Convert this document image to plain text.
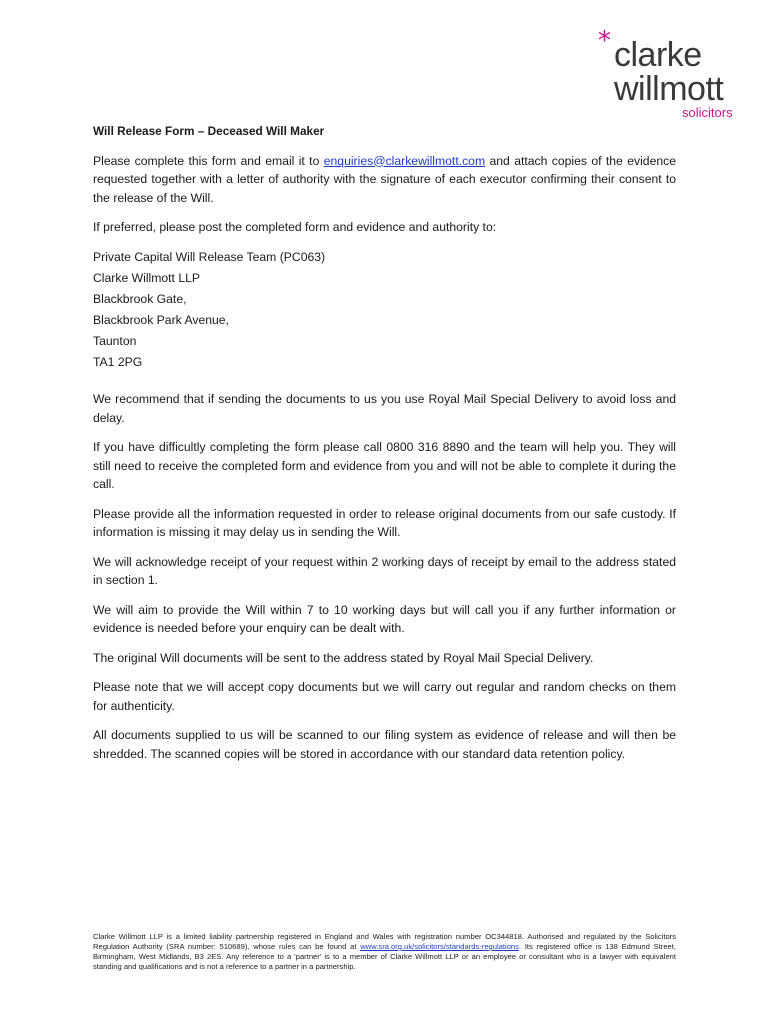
* clarke
willmott
solicitors

Will Release Form – Deceased Will Maker

Please complete this form and email it to enquiries@clarkewillmott.com and attach copies of the evidence requested together with a letter of authority with the signature of each executor confirming their consent to the release of the Will.

If preferred, please post the completed form and evidence and authority to:

Private Capital Will Release Team (PC063)

Clarke Willmott LLP

Blackbrook Gate,

Blackbrook Park Avenue,

Taunton

TA1 2PG

We recommend that if sending the documents to us you use Royal Mail Special Delivery to avoid loss and delay.

If you have difficultly completing the form please call 0800 316 8890 and the team will help you. They will still need to receive the completed form and evidence from you and will not be able to complete it during the call.

Please provide all the information requested in order to release original documents from our safe custody. If information is missing it may delay us in sending the Will.

We will acknowledge receipt of your request within 2 working days of receipt by email to the address stated in section 1.

We will aim to provide the Will within 7 to 10 working days but will call you if any further information or evidence is needed before your enquiry can be dealt with.

The original Will documents will be sent to the address stated by Royal Mail Special Delivery.

Please note that we will accept copy documents but we will carry out regular and random checks on them for authenticity.

All documents supplied to us will be scanned to our filing system as evidence of release and will then be shredded. The scanned copies will be stored in accordance with our standard data retention policy.

Clarke Willmott LLP is a limited liability partnership registered in England and Wales with registration number OC344818. Authorised and regulated by the Solicitors Regulation Authority (SRA number: 510689), whose rules can be found at www.sra.org.uk/solicitors/standards-regulations. Its registered office is 138 Edmund Street, Birmingham, West Midlands, B3 2ES. Any reference to a 'partner' is to a member of Clarke Willmott LLP or an employee or consultant who is a lawyer with equivalent standing and qualifications and is not a reference to a partner in a partnership.
